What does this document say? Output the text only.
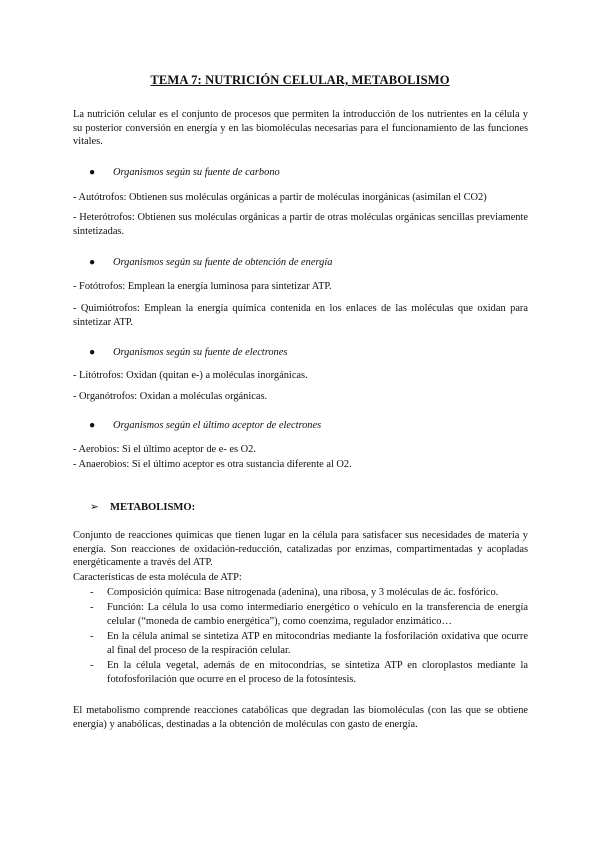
TEMA 7: NUTRICIÓN CELULAR, METABOLISMO

La nutrición celular es el conjunto de procesos que permiten la introducción de los nutrientes en la célula y su posterior conversión en energía y en las biomoléculas necesarias para el funcionamiento de las funciones vitales.

● Organismos según su fuente de carbono

- Autótrofos: Obtienen sus moléculas orgánicas a partir de moléculas inorgánicas (asimilan el CO2)

- Heterótrofos: Obtienen sus moléculas orgánicas a partir de otras moléculas orgánicas sencillas previamente sintetizadas.

● Organismos según su fuente de obtención de energía

- Fotótrofos: Emplean la energía luminosa para sintetizar ATP.

- Quimiótrofos: Emplean la energía química contenida en los enlaces de las moléculas que oxidan para sintetizar ATP.

● Organismos según su fuente de electrones

- Litótrofos: Oxidan (quitan e-) a moléculas inorgánicas.

- Organótrofos: Oxidan a moléculas orgánicas.

● Organismos según el último aceptor de electrones

- Aerobios: Si el último aceptor de e- es O2.

- Anaerobios: Si el último aceptor es otra sustancia diferente al O2.

➢ METABOLISMO:

Conjunto de reacciones químicas que tienen lugar en la célula para satisfacer sus necesidades de materia y energía. Son reacciones de oxidación-reducción, catalizadas por enzimas, compartimentadas y acopladas energéticamente a través del ATP.

Características de esta molécula de ATP:

- Composición química: Base nitrogenada (adenina), una ribosa, y 3 moléculas de ác. fosfórico.
- Función: La célula lo usa como intermediario energético o vehículo en la transferencia de energía celular (“moneda de cambio energética”), como coenzima, regulador enzimático…
- En la célula animal se sintetiza ATP en mitocondrias mediante la fosforilación oxidativa que ocurre al final del proceso de la respiración celular.
- En la célula vegetal, además de en mitocondrias, se sintetiza ATP en cloroplastos mediante la fotofosforilación que ocurre en el proceso de la fotosíntesis.

El metabolismo comprende reacciones catabólicas que degradan las biomoléculas (con las que se obtiene energía) y anabólicas, destinadas a la obtención de moléculas con gasto de energía.
